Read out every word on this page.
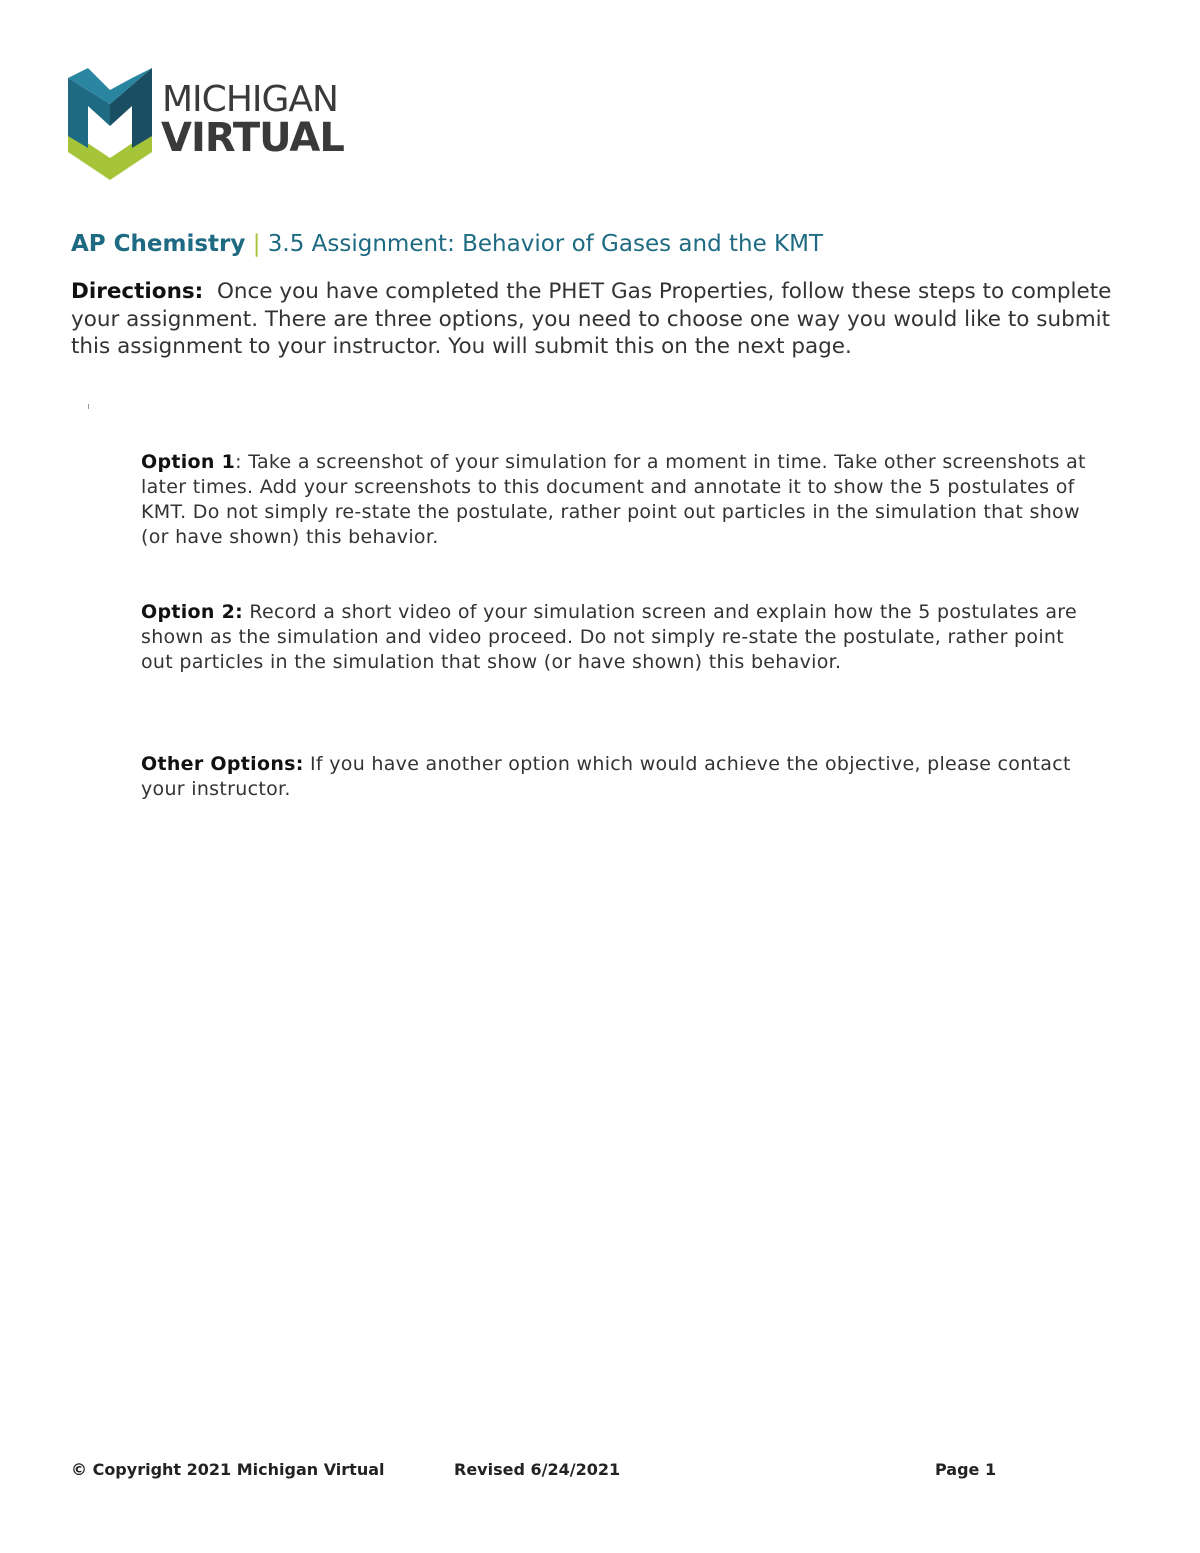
MICHIGAN
VIRTUAL
AP Chemistry | 3.5 Assignment: Behavior of Gases and the KMT
Directions: Once you have completed the PHET Gas Properties, follow these steps to complete your assignment. There are three options, you need to choose one way you would like to submit this assignment to your instructor. You will submit this on the next page.
Option 1: Take a screenshot of your simulation for a moment in time. Take other screenshots at later times. Add your screenshots to this document and annotate it to show the 5 postulates of KMT. Do not simply re-state the postulate, rather point out particles in the simulation that show (or have shown) this behavior.
Option 2: Record a short video of your simulation screen and explain how the 5 postulates are shown as the simulation and video proceed. Do not simply re-state the postulate, rather point out particles in the simulation that show (or have shown) this behavior.
Other Options: If you have another option which would achieve the objective, please contact your instructor.
© Copyright 2021 Michigan Virtual	Revised 6/24/2021	Page 1
